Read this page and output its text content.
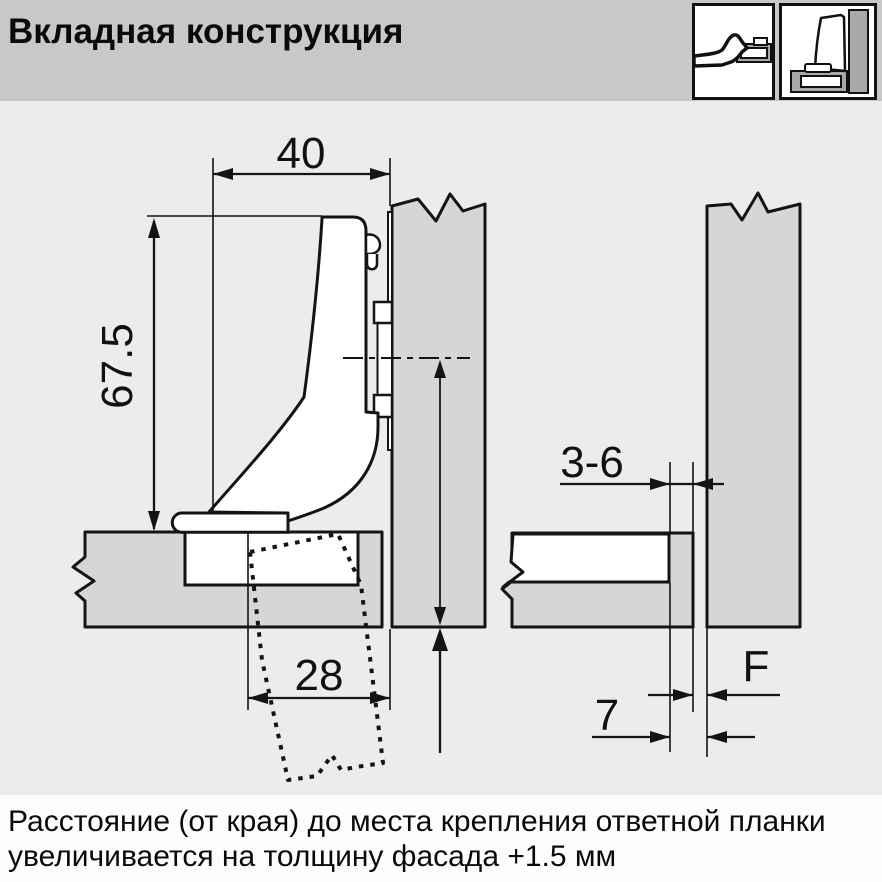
Вкладная конструкция
40
67.5
28
3-6
F
7

Расстояние (от края) до места крепления ответной планки

увеличивается на толщину фасада +1.5 мм
